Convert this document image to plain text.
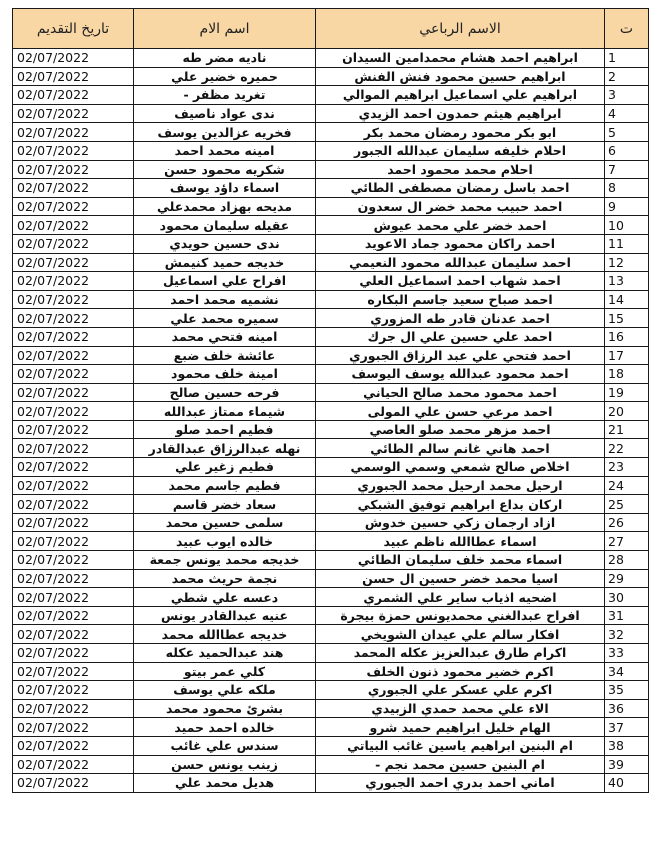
تاريخ التقديم	اسم الام	الاسم الرباعي	ت
02/07/2022	ناديه مضر طه	ابراهيم احمد هشام محمدامين السيدان	1
02/07/2022	حميره خضير علي	ابراهيم حسين محمود فنش الفنش	2
02/07/2022	تغريد مظفر -	ابراهيم علي اسماعيل ابراهيم الموالي	3
02/07/2022	ندى عواد ناصيف	ابراهيم هيثم حمدون احمد الزيدي	4
02/07/2022	فخريه عزالدين يوسف	ابو بكر محمود رمضان محمد بكر	5
02/07/2022	امينه محمد احمد	احلام خليفه سليمان عبدالله الجبور	6
02/07/2022	شكريه محمود حسن	احلام محمد محمود احمد	7
02/07/2022	اسماء داؤد يوسف	احمد باسل رمضان مصطفى الطائي	8
02/07/2022	مديحه بهزاد محمدعلي	احمد حبيب محمد خضر ال سعدون	9
02/07/2022	عقيله سليمان محمود	احمد خضر علي محمد عيوش	10
02/07/2022	ندى حسين حويدي	احمد راكان محمود جماد الاعويد	11
02/07/2022	خديجه حميد كنيمش	احمد سليمان عبدالله محمود النعيمي	12
02/07/2022	افراح علي اسماعيل	احمد شهاب احمد اسماعيل العلي	13
02/07/2022	نشميه محمد احمد	احمد صباح سعيد جاسم البكاره	14
02/07/2022	سميره محمد علي	احمد عدنان قادر طه المزوري	15
02/07/2022	امينه فتحي محمد	احمد علي حسين علي ال جرك	16
02/07/2022	عائشة خلف ضبع	احمد فتحي علي عبد الرزاق الجبوري	17
02/07/2022	امينة خلف محمود	احمد محمود عبدالله يوسف اليوسف	18
02/07/2022	فرحه حسين صالح	احمد محمود محمد صالح الحياني	19
02/07/2022	شيماء ممتاز عبدالله	احمد مرعي حسن علي المولى	20
02/07/2022	فطيم احمد صلو	احمد مزهر محمد صلو العاصي	21
02/07/2022	نهله عبدالرزاق عبدالقادر	احمد هاني غانم سالم الطائي	22
02/07/2022	فطيم زغير علي	اخلاص صالح شمعي وسمي الوسمي	23
02/07/2022	فطيم جاسم محمد	ارحيل محمد ارحيل محمد الجبوري	24
02/07/2022	سعاد خضر قاسم	اركان بداع ابراهيم توفيق الشبكي	25
02/07/2022	سلمى حسين محمد	ازاد ارجمان زكي حسين خدوش	26
02/07/2022	خالده ايوب عبيد	اسماء عطاالله ناظم عبيد	27
02/07/2022	خديجه محمد يونس جمعة	اسماء محمد خلف سليمان الطائي	28
02/07/2022	نجمة حريث محمد	اسيا محمد خضر حسين ال حسن	29
02/07/2022	دعسه علي شطي	اضحيه اذياب ساير علي الشمري	30
02/07/2022	عنيه عبدالقادر يونس	افراح عبدالغني محمديونس حمزة بيجرة	31
02/07/2022	خديجه عطاالله محمد	افكار سالم علي عيدان الشويخي	32
02/07/2022	هند عبدالحميد عكله	اكرام طارق عبدالعزيز عكله المحمد	33
02/07/2022	كلي عمر بيتو	اكرم خضير محمود ذنون الخلف	34
02/07/2022	ملكه علي يوسف	اكرم علي عسكر علي الجبوري	35
02/07/2022	بشرئ محمود محمد	الاء علي محمد حمدي الزبيدي	36
02/07/2022	خالده احمد حميد	الهام خليل ابراهيم حميد شرو	37
02/07/2022	سندس علي غائب	ام البنين ابراهيم ياسين غائب البياتي	38
02/07/2022	زينب يونس حسن	ام البنين حسين محمد نجم -	39
02/07/2022	هديل محمد علي	اماني احمد بدري احمد الجبوري	40
